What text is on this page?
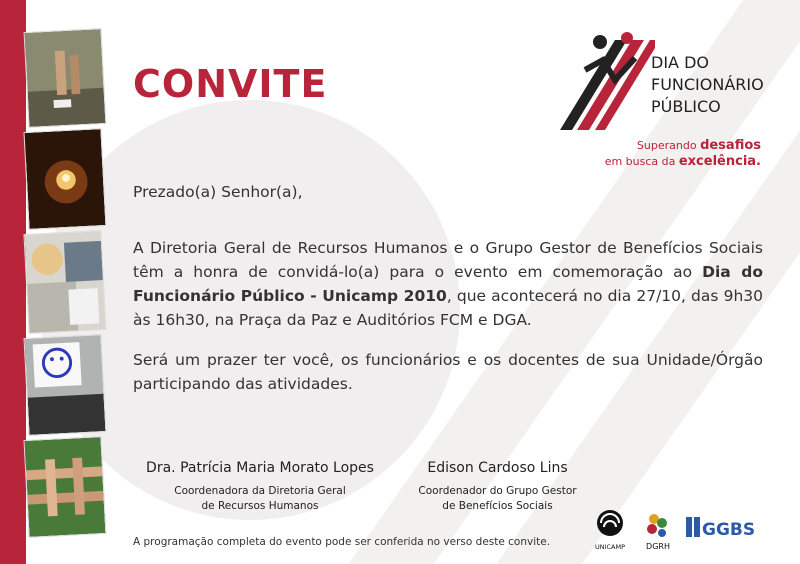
CONVITE	DIA DO
FUNCIONÁRIO
PÚBLICO
Superando desafios
em busca da excelência.
Prezado(a) Senhor(a),
A Diretoria Geral de Recursos Humanos e o Grupo Gestor de Benefícios Sociais têm a honra de convidá-lo(a) para o evento em comemoração ao Dia do Funcionário Público - Unicamp 2010, que acontecerá no dia 27/10, das 9h30 às 16h30, na Praça da Paz e Auditórios FCM e DGA.
Será um prazer ter você, os funcionários e os docentes de sua Unidade/Órgão participando das atividades.
Dra. Patrícia Maria Morato Lopes
Coordenadora da Diretoria Geral
de Recursos Humanos
Edison Cardoso Lins
Coordenador do Grupo Gestor
de Benefícios Sociais
A programação completa do evento pode ser conferida no verso deste convite.	UNICAMP	DGRH
GGBS
